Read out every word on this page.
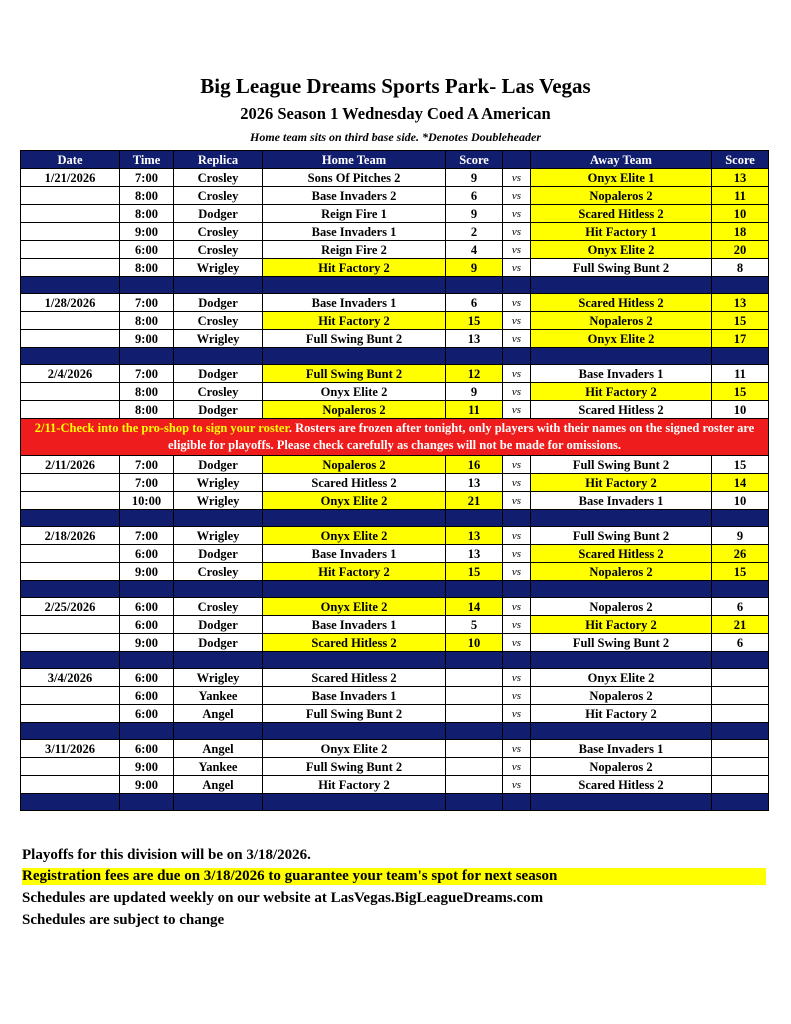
Big League Dreams Sports Park- Las Vegas
2026 Season 1 Wednesday Coed A American
Home team sits on third base side. *Denotes Doubleheader
Date	Time	Replica	Home Team	Score		Away Team	Score
1/21/2026	7:00	Crosley	Sons Of Pitches 2	9	vs	Onyx Elite 1	13
	8:00	Crosley	Base Invaders 2	6	vs	Nopaleros 2	11
	8:00	Dodger	Reign Fire 1	9	vs	Scared Hitless 2	10
	9:00	Crosley	Base Invaders 1	2	vs	Hit Factory 1	18
	6:00	Crosley	Reign Fire 2	4	vs	Onyx Elite 2	20
	8:00	Wrigley	Hit Factory 2	9	vs	Full Swing Bunt 2	8

1/28/2026	7:00	Dodger	Base Invaders 1	6	vs	Scared Hitless 2	13
	8:00	Crosley	Hit Factory 2	15	vs	Nopaleros 2	15
	9:00	Wrigley	Full Swing Bunt 2	13	vs	Onyx Elite 2	17

2/4/2026	7:00	Dodger	Full Swing Bunt 2	12	vs	Base Invaders 1	11
	8:00	Crosley	Onyx Elite 2	9	vs	Hit Factory 2	15
	8:00	Dodger	Nopaleros 2	11	vs	Scared Hitless 2	10
2/11-Check into the pro-shop to sign your roster. Rosters are frozen after tonight, only players with their names on the signed roster are eligible for playoffs. Please check carefully as changes will not be made for omissions.							
2/11/2026	7:00	Dodger	Nopaleros 2	16	vs	Full Swing Bunt 2	15
	7:00	Wrigley	Scared Hitless 2	13	vs	Hit Factory 2	14
	10:00	Wrigley	Onyx Elite 2	21	vs	Base Invaders 1	10

2/18/2026	7:00	Wrigley	Onyx Elite 2	13	vs	Full Swing Bunt 2	9
	6:00	Dodger	Base Invaders 1	13	vs	Scared Hitless 2	26
	9:00	Crosley	Hit Factory 2	15	vs	Nopaleros 2	15

2/25/2026	6:00	Crosley	Onyx Elite 2	14	vs	Nopaleros 2	6
	6:00	Dodger	Base Invaders 1	5	vs	Hit Factory 2	21
	9:00	Dodger	Scared Hitless 2	10	vs	Full Swing Bunt 2	6

3/4/2026	6:00	Wrigley	Scared Hitless 2		vs	Onyx Elite 2	
	6:00	Yankee	Base Invaders 1		vs	Nopaleros 2	
	6:00	Angel	Full Swing Bunt 2		vs	Hit Factory 2	

3/11/2026	6:00	Angel	Onyx Elite 2		vs	Base Invaders 1	
	9:00	Yankee	Full Swing Bunt 2		vs	Nopaleros 2	
	9:00	Angel	Hit Factory 2		vs	Scared Hitless 2	

Playoffs for this division will be on 3/18/2026.
Registration fees are due on 3/18/2026 to guarantee your team's spot for next season
Schedules are updated weekly on our website at LasVegas.BigLeagueDreams.com
Schedules are subject to change
